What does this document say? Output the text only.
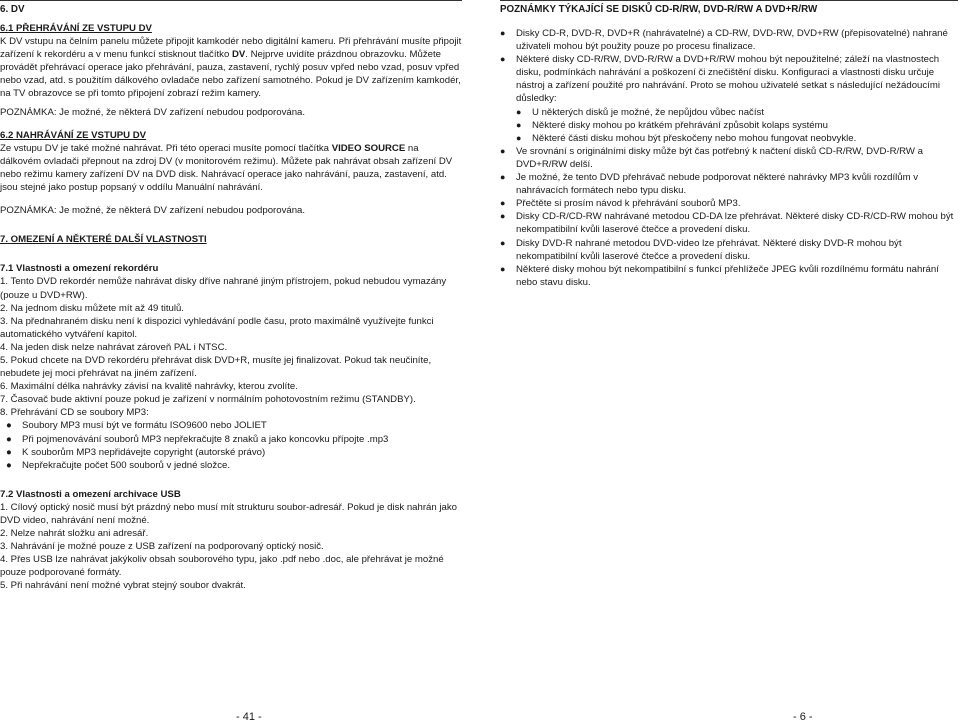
6. DV

6.1 PŘEHRÁVÁNÍ ZE VSTUPU DV

K DV vstupu na čelním panelu můžete připojit kamkodér nebo digitální kameru. Při přehrávání musíte připojit zařízení k rekordéru a v menu funkcí stisknout tlačítko DV. Nejprve uvidíte prázdnou obrazovku. Můžete provádět přehrávací operace jako přehrávání, pauza, zastavení, rychlý posuv vpřed nebo vzad, posuv vpřed nebo vzad, atd. s použitím dálkového ovladače nebo zařízení samotného. Pokud je DV zařízením kamkodér, na TV obrazovce se při tomto připojení zobrazí režim kamery.

POZNÁMKA: Je možné, že některá DV zařízení nebudou podporována.

6.2 NAHRÁVÁNÍ ZE VSTUPU DV

Ze vstupu DV je také možné nahrávat. Při této operaci musíte pomocí tlačítka VIDEO SOURCE na dálkovém ovladači přepnout na zdroj DV (v monitorovém režimu). Můžete pak nahrávat obsah zařízení DV nebo režimu kamery zařízení DV na DVD disk. Nahrávací operace jako nahrávání, pauza, zastavení, atd. jsou stejné jako postup popsaný v oddílu Manuální nahrávání.

POZNÁMKA: Je možné, že některá DV zařízení nebudou podporována.

7. OMEZENÍ A NĚKTERÉ DALŠÍ VLASTNOSTI

7.1 Vlastnosti a omezení rekordéru

1. Tento DVD rekordér nemůže nahrávat disky dříve nahrané jiným přístrojem, pokud nebudou vymazány (pouze u DVD+RW).

2. Na jednom disku můžete mít až 49 titulů.

3. Na přednahraném disku není k dispozici vyhledávání podle času, proto maximálně využívejte funkci automatického vytváření kapitol.

4. Na jeden disk nelze nahrávat zároveň PAL i NTSC.

5. Pokud chcete na DVD rekordéru přehrávat disk DVD+R, musíte jej finalizovat. Pokud tak neučiníte, nebudete jej moci přehrávat na jiném zařízení.

6. Maximální délka nahrávky závisí na kvalitě nahrávky, kterou zvolíte.

7. Časovač bude aktivní pouze pokud je zařízení v normálním pohotovostním režimu (STANDBY).

8. Přehrávání CD se soubory MP3:

●	Soubory MP3 musí být ve formátu ISO9600 nebo JOLIET
●	Při pojmenovávání souborů MP3 nepřekračujte 8 znaků a jako koncovku přípojte .mp3
●	K souborům MP3 nepřidávejte copyright (autorské právo)
●	Nepřekračujte počet 500 souborů v jedné složce.

7.2 Vlastnosti a omezení archivace USB

1. Cílový optický nosič musí být prázdný nebo musí mít strukturu soubor-adresář. Pokud je disk nahrán jako DVD video, nahrávání není možné.

2. Nelze nahrát složku ani adresář.

3. Nahrávání je možné pouze z USB zařízení na podporovaný optický nosič.

4. Přes USB lze nahrávat jakýkoliv obsah souborového typu, jako .pdf nebo .doc, ale přehrávat je možné pouze podporované formáty.

5. Při nahrávání není možné vybrat stejný soubor dvakrát.

POZNÁMKY TÝKAJÍCÍ SE DISKŮ CD-R/RW, DVD-R/RW A DVD+R/RW

●	Disky CD-R, DVD-R, DVD+R (nahrávatelné) a CD-RW, DVD-RW, DVD+RW (přepisovatelné) nahrané uživateli mohou být použity pouze po procesu finalizace.
●	Některé disky CD-R/RW, DVD-R/RW a DVD+R/RW mohou být nepoužitelné; záleží na vlastnostech disku, podmínkách nahrávání a poškození či znečištění disku. Konfiguraci a vlastnosti disku určuje nástroj a zařízení použité pro nahrávání. Proto se mohou uživatelé setkat s následující nežádoucími důsledky:
●	U některých disků je možné, že nepůjdou vůbec načíst
●	Některé disky mohou po krátkém přehrávání způsobit kolaps systému
●	Některé části disku mohou být přeskočeny nebo mohou fungovat neobvykle.
●	Ve srovnání s originálními disky může být čas potřebný k načtení disků CD-R/RW, DVD-R/RW a DVD+R/RW delší.
●	Je možné, že tento DVD přehrávač nebude podporovat některé nahrávky MP3 kvůli rozdílům v nahrávacích formátech nebo typu disku.
●	Přečtěte si prosím návod k přehrávání souborů MP3.
●	Disky CD-R/CD-RW nahrávané metodou CD-DA lze přehrávat. Některé disky CD-R/CD-RW mohou být nekompatibilní kvůli laserové čtečce a provedení disku.
●	Disky DVD-R nahrané metodou DVD-video lze přehrávat. Některé disky DVD-R mohou být nekompatibilní kvůli laserové čtečce a provedení disku.
●	Některé disky mohou být nekompatibilní s funkcí přehlížeče JPEG kvůli rozdílnému formátu nahrání nebo stavu disku.
- 41 -	- 6 -
